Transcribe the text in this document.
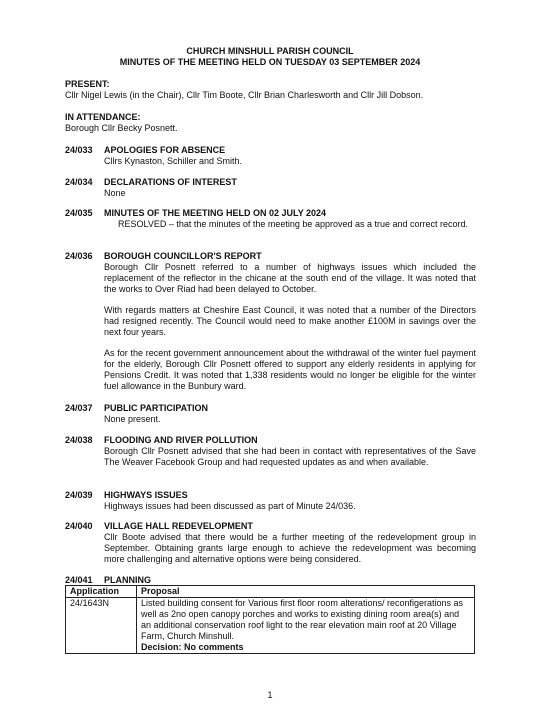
CHURCH MINSHULL PARISH COUNCIL
MINUTES OF THE MEETING HELD ON TUESDAY 03 SEPTEMBER 2024
PRESENT:
Cllr Nigel Lewis (in the Chair), Cllr Tim Boote, Cllr Brian Charlesworth and Cllr Jill Dobson.
IN ATTENDANCE:
Borough Cllr Becky Posnett.
24/033 APOLOGIES FOR ABSENCE

Cllrs Kynaston, Schiller and Smith.

24/034 DECLARATIONS OF INTEREST

None

24/035 MINUTES OF THE MEETING HELD ON 02 JULY 2024

RESOLVED – that the minutes of the meeting be approved as a true and correct record.

24/036 BOROUGH COUNCILLOR'S REPORT

Borough Cllr Posnett referred to a number of highways issues which included the replacement of the reflector in the chicane at the south end of the village. It was noted that the works to Over Riad had been delayed to October.

With regards matters at Cheshire East Council, it was noted that a number of the Directors had resigned recently. The Council would need to make another £100M in savings over the next four years.

As for the recent government announcement about the withdrawal of the winter fuel payment for the elderly, Borough Cllr Posnett offered to support any elderly residents in applying for Pensions Credit. It was noted that 1,338 residents would no longer be eligible for the winter fuel allowance in the Bunbury ward.

24/037 PUBLIC PARTICIPATION

None present.

24/038 FLOODING AND RIVER POLLUTION

Borough Cllr Posnett advised that she had been in contact with representatives of the Save The Weaver Facebook Group and had requested updates as and when available.

24/039 HIGHWAYS ISSUES

Highways issues had been discussed as part of Minute 24/036.

24/040 VILLAGE HALL REDEVELOPMENT

Cllr Boote advised that there would be a further meeting of the redevelopment group in September. Obtaining grants large enough to achieve the redevelopment was becoming more challenging and alternative options were being considered.

24/041 PLANNING
Application	Proposal
24/1643N	Listed building consent for Various first floor room alterations/ reconfigerations as well as 2no open canopy porches and works to existing dining room area(s) and an additional conservation roof light to the rear elevation main roof at 20 Village Farm, Church Minshull.
Decision: No comments
1
